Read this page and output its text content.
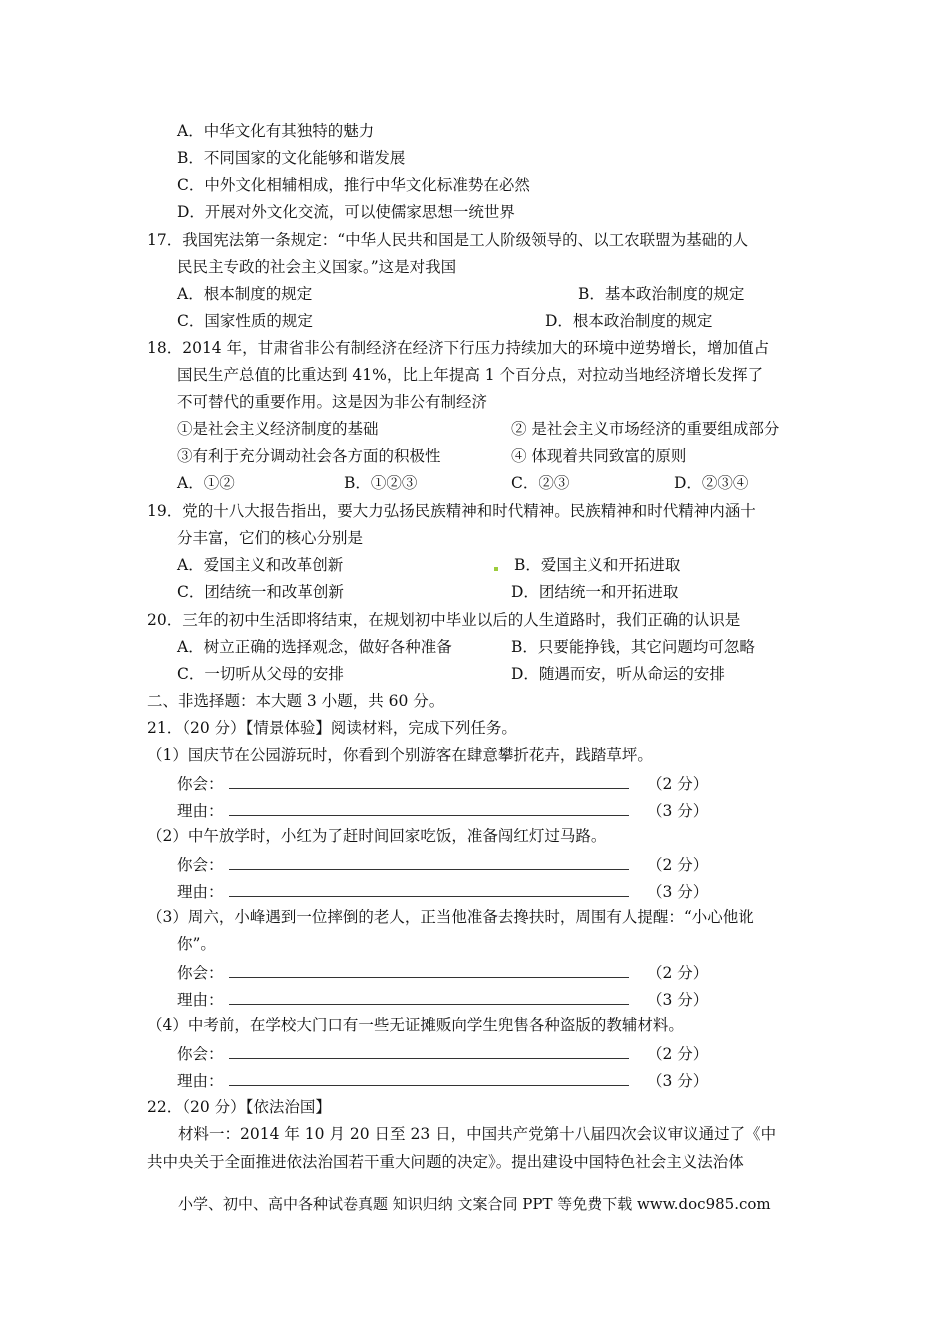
A．中华文化有其独特的魅力
B．不同国家的文化能够和谐发展
C．中外文化相辅相成，推行中华文化标准势在必然
D．开展对外文化交流，可以使儒家思想一统世界
17．我国宪法第一条规定：“中华人民共和国是工人阶级领导的、以工农联盟为基础的人
民民主专政的社会主义国家。”这是对我国
A．根本制度的规定	B．基本政治制度的规定
C．国家性质的规定	D．根本政治制度的规定
18．2014 年，甘肃省非公有制经济在经济下行压力持续加大的环境中逆势增长，增加值占
国民生产总值的比重达到 41%，比上年提高 1 个百分点，对拉动当地经济增长发挥了
不可替代的重要作用。这是因为非公有制经济
①是社会主义经济制度的基础	② 是社会主义市场经济的重要组成部分
③有利于充分调动社会各方面的积极性	④ 体现着共同致富的原则
A．①②	B．①②③	C．②③	D．②③④
19．党的十八大报告指出，要大力弘扬民族精神和时代精神。民族精神和时代精神内涵十
分丰富，它们的核心分别是
A．爱国主义和改革创新	B．爱国主义和开拓进取
C．团结统一和改革创新	D．团结统一和开拓进取
20．三年的初中生活即将结束，在规划初中毕业以后的人生道路时，我们正确的认识是
A．树立正确的选择观念，做好各种准备	B．只要能挣钱，其它问题均可忽略
C．一切听从父母的安排	D．随遇而安，听从命运的安排
二、非选择题：本大题 3 小题，共 60 分。
21．（20 分）【情景体验】阅读材料，完成下列任务。
（1）国庆节在公园游玩时，你看到个别游客在肆意攀折花卉，践踏草坪。
你会：	（2 分）
理由：	（3 分）
（2）中午放学时，小红为了赶时间回家吃饭，准备闯红灯过马路。
你会：	（2 分）
理由：	（3 分）
（3）周六，小峰遇到一位摔倒的老人，正当他准备去搀扶时，周围有人提醒：“小心他讹
你”。
你会：	（2 分）
理由：	（3 分）
（4）中考前，在学校大门口有一些无证摊贩向学生兜售各种盗版的教辅材料。
你会：	（2 分）
理由：	（3 分）
22．（20 分）【依法治国】
材料一：2014 年 10 月 20 日至 23 日，中国共产党第十八届四次会议审议通过了《中
共中央关于全面推进依法治国若干重大问题的决定》。提出建设中国特色社会主义法治体
小学、初中、高中各种试卷真题 知识归纳 文案合同 PPT 等免费下载 www.doc985.com
